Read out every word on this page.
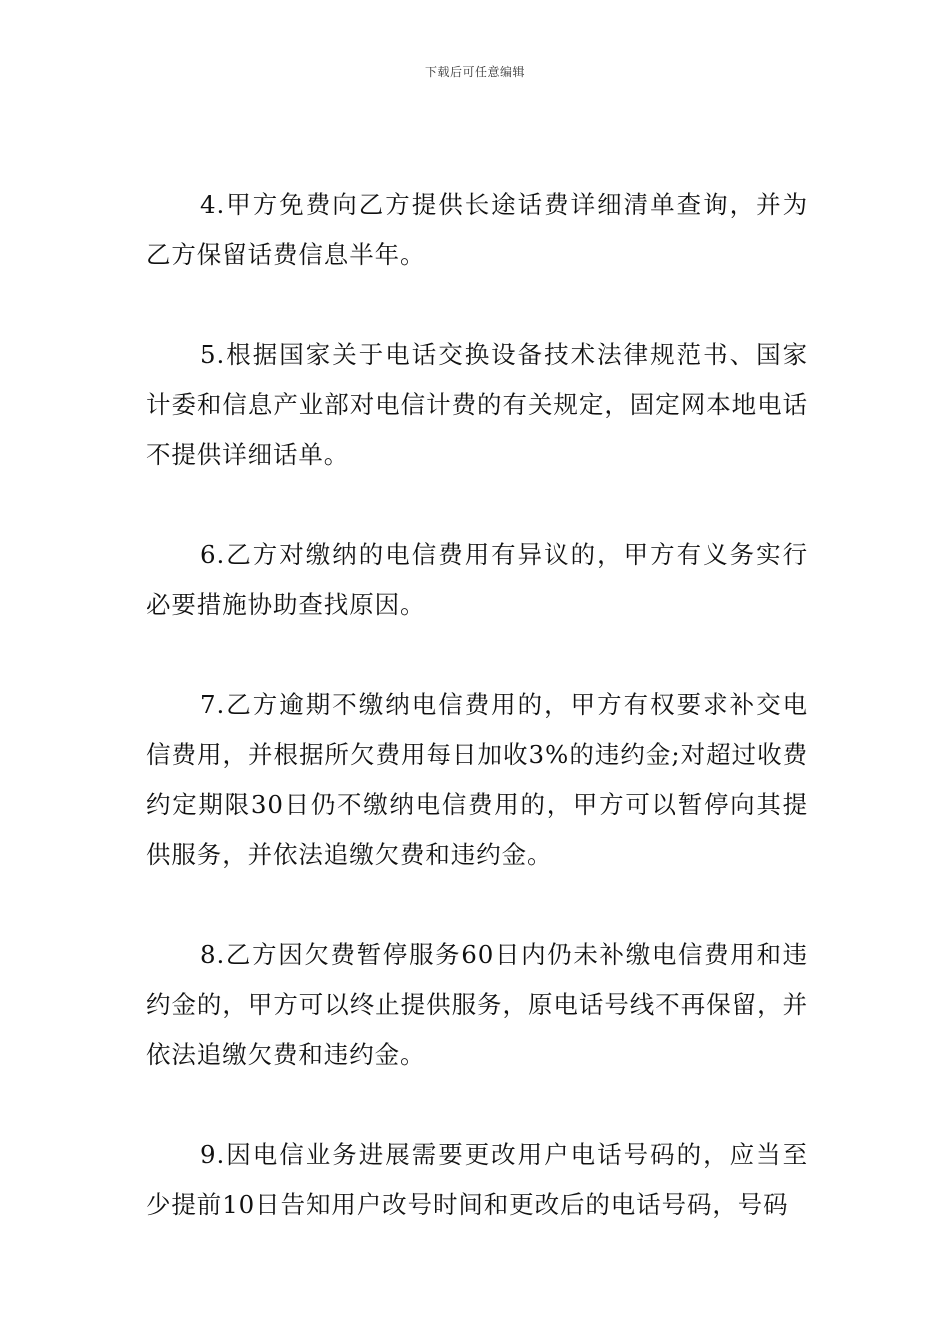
下载后可任意编辑

4.甲方免费向乙方提供长途话费详细清单查询，并为乙方保留话费信息半年。

5.根据国家关于电话交换设备技术法律规范书、国家计委和信息产业部对电信计费的有关规定，固定网本地电话不提供详细话单。

6.乙方对缴纳的电信费用有异议的，甲方有义务实行必要措施协助查找原因。

7.乙方逾期不缴纳电信费用的，甲方有权要求补交电信费用，并根据所欠费用每日加收3%的违约金;对超过收费约定期限30日仍不缴纳电信费用的，甲方可以暂停向其提供服务，并依法追缴欠费和违约金。

8.乙方因欠费暂停服务60日内仍未补缴电信费用和违约金的，甲方可以终止提供服务，原电话号线不再保留，并依法追缴欠费和违约金。

9.因电信业务进展需要更改用户电话号码的，应当至少提前10日告知用户改号时间和更改后的电话号码，号码
